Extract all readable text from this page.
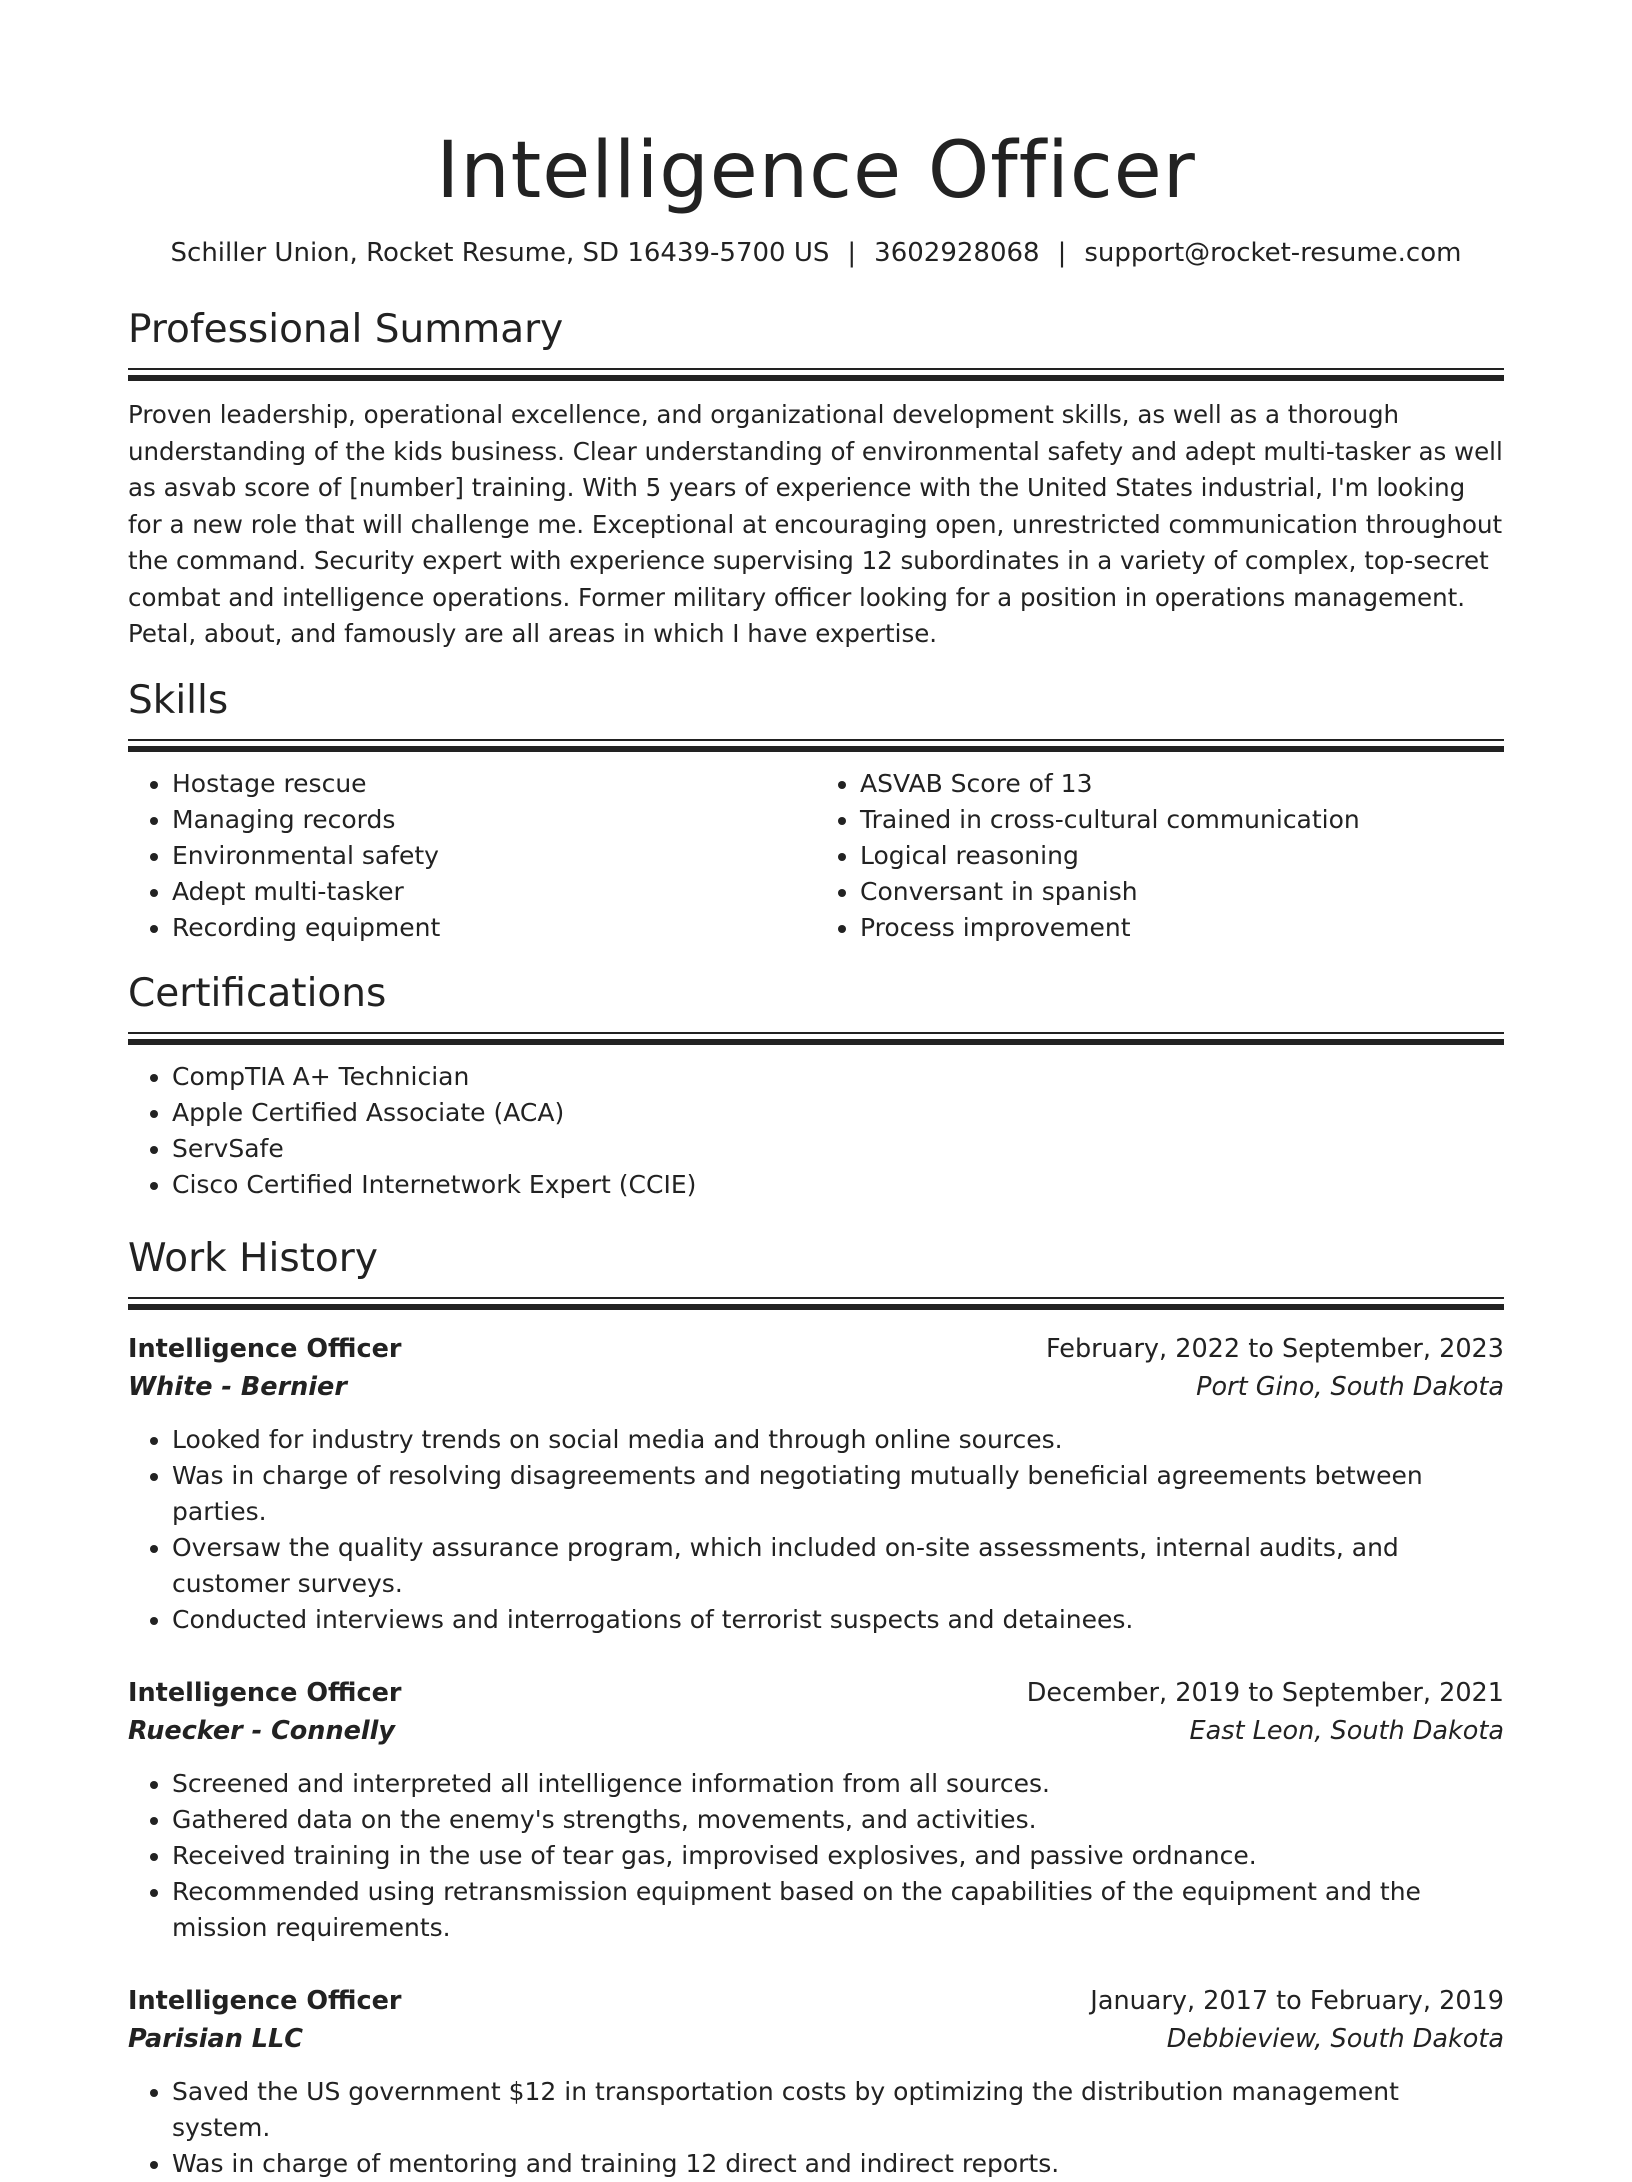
Intelligence Officer
Schiller Union, Rocket Resume, SD 16439-5700 US | 3602928068 | support@rocket-resume.com
Professional Summary

Proven leadership, operational excellence, and organizational development skills, as well as a thorough understanding of the kids business. Clear understanding of environmental safety and adept multi-tasker as well as asvab score of [number] training. With 5 years of experience with the United States industrial, I'm looking for a new role that will challenge me. Exceptional at encouraging open, unrestricted communication throughout the command. Security expert with experience supervising 12 subordinates in a variety of complex, top-secret combat and intelligence operations. Former military officer looking for a position in operations management. Petal, about, and famously are all areas in which I have expertise.

Skills
• Hostage rescue
• Managing records
• Environmental safety
• Adept multi-tasker
• Recording equipment
• ASVAB Score of 13
• Trained in cross-cultural communication
• Logical reasoning
• Conversant in spanish
• Process improvement
Certifications
• CompTIA A+ Technician
• Apple Certified Associate (ACA)
• ServSafe
• Cisco Certified Internetwork Expert (CCIE)
Work History
Intelligence Officer	February, 2022 to September, 2023
White - Bernier	Port Gino, South Dakota
• Looked for industry trends on social media and through online sources.
• Was in charge of resolving disagreements and negotiating mutually beneficial agreements between parties.
• Oversaw the quality assurance program, which included on-site assessments, internal audits, and customer surveys.
• Conducted interviews and interrogations of terrorist suspects and detainees.
Intelligence Officer	December, 2019 to September, 2021
Ruecker - Connelly	East Leon, South Dakota
• Screened and interpreted all intelligence information from all sources.
• Gathered data on the enemy's strengths, movements, and activities.
• Received training in the use of tear gas, improvised explosives, and passive ordnance.
• Recommended using retransmission equipment based on the capabilities of the equipment and the mission requirements.
Intelligence Officer	January, 2017 to February, 2019
Parisian LLC	Debbieview, South Dakota
• Saved the US government $12 in transportation costs by optimizing the distribution management system.
• Was in charge of mentoring and training 12 direct and indirect reports.
